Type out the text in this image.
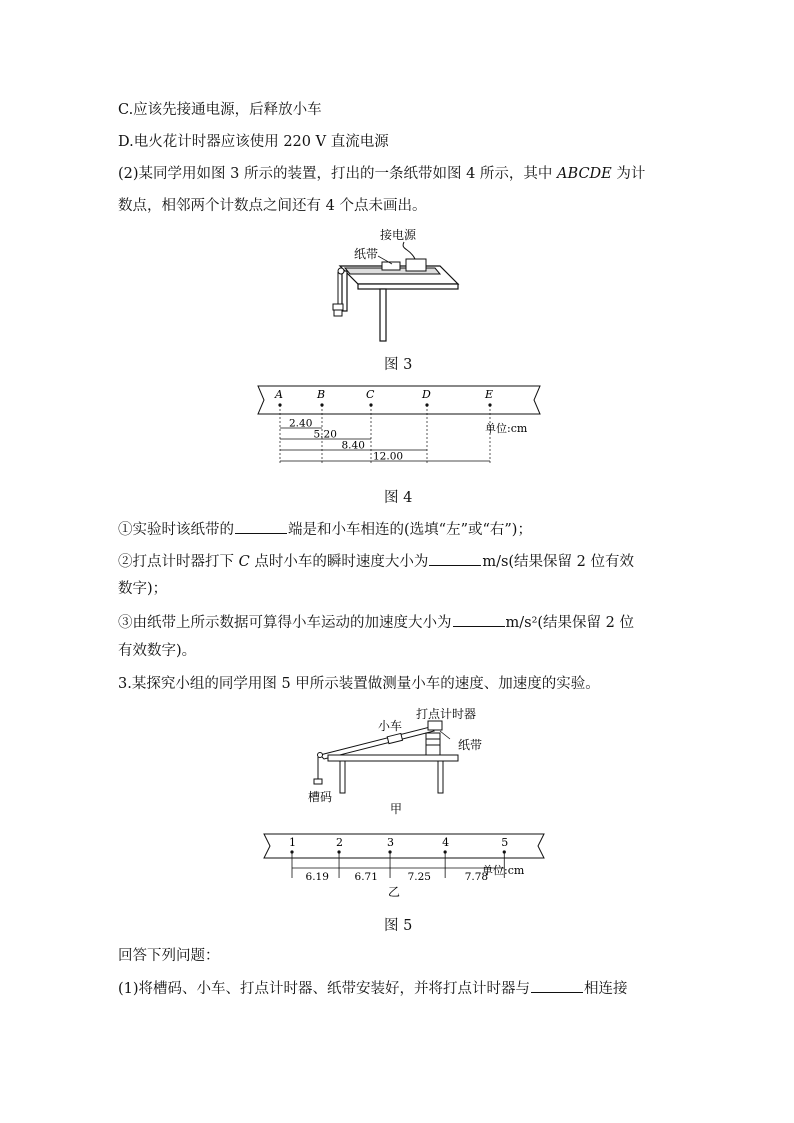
C.应该先接通电源，后释放小车
D.电火花计时器应该使用 220 V 直流电源
(2)某同学用如图 3 所示的装置，打出的一条纸带如图 4 所示，其中 ABCDE 为计
数点，相邻两个计数点之间还有 4 个点未画出。
接电源
纸带
图 3
A	B	C	D	E
2.40
5.20
8.40
12.00
单位:cm
图 4
①实验时该纸带的	端是和小车相连的(选填“左”或“右”)；
②打点计时器打下 C 点时小车的瞬时速度大小为	m/s(结果保留 2 位有效
数字)；
③由纸带上所示数据可算得小车运动的加速度大小为	m/s²(结果保留 2 位
有效数字)。
3.某探究小组的同学用图 5 甲所示装置做测量小车的速度、加速度的实验。
打点计时器
小车
纸带
槽码
甲
1	2	3	4	5
6.19 6.71	7.25	7.78
单位:cm
乙
图 5
回答下列问题：
(1)将槽码、小车、打点计时器、纸带安装好，并将打点计时器与	相连接
